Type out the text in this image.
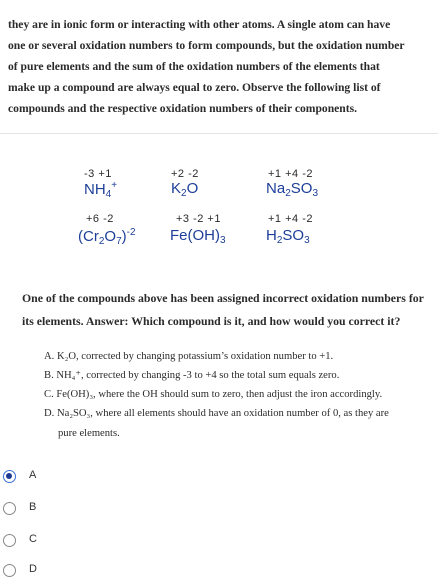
they are in ionic form or interacting with other atoms. A single atom can have
one or several oxidation numbers to form compounds, but the oxidation number
of pure elements and the sum of the oxidation numbers of the elements that
make up a compound are always equal to zero. Observe the following list of
compounds and the respective oxidation numbers of their components.
-3 +1
$NH_4^+$
+2 -2
$K_2O$
+1 +4 -2
$Na_2SO_3$
+6 -2
$(Cr_2O_7)^{-2}$
+3 -2 +1
$Fe(OH)_3$
+1 +4 -2
$H_2SO_3$
One of the compounds above has been assigned incorrect oxidation numbers for
its elements. Answer: Which compound is it, and how would you correct it?
A. K₂O, corrected by changing potassium’s oxidation number to +1.
B. NH₄⁺, corrected by changing -3 to +4 so the total sum equals zero.
C. Fe(OH)₃, where the OH should sum to zero, then adjust the iron accordingly.
D. Na₂SO₃, where all elements should have an oxidation number of 0, as they are
pure elements.
A
B
C
D
